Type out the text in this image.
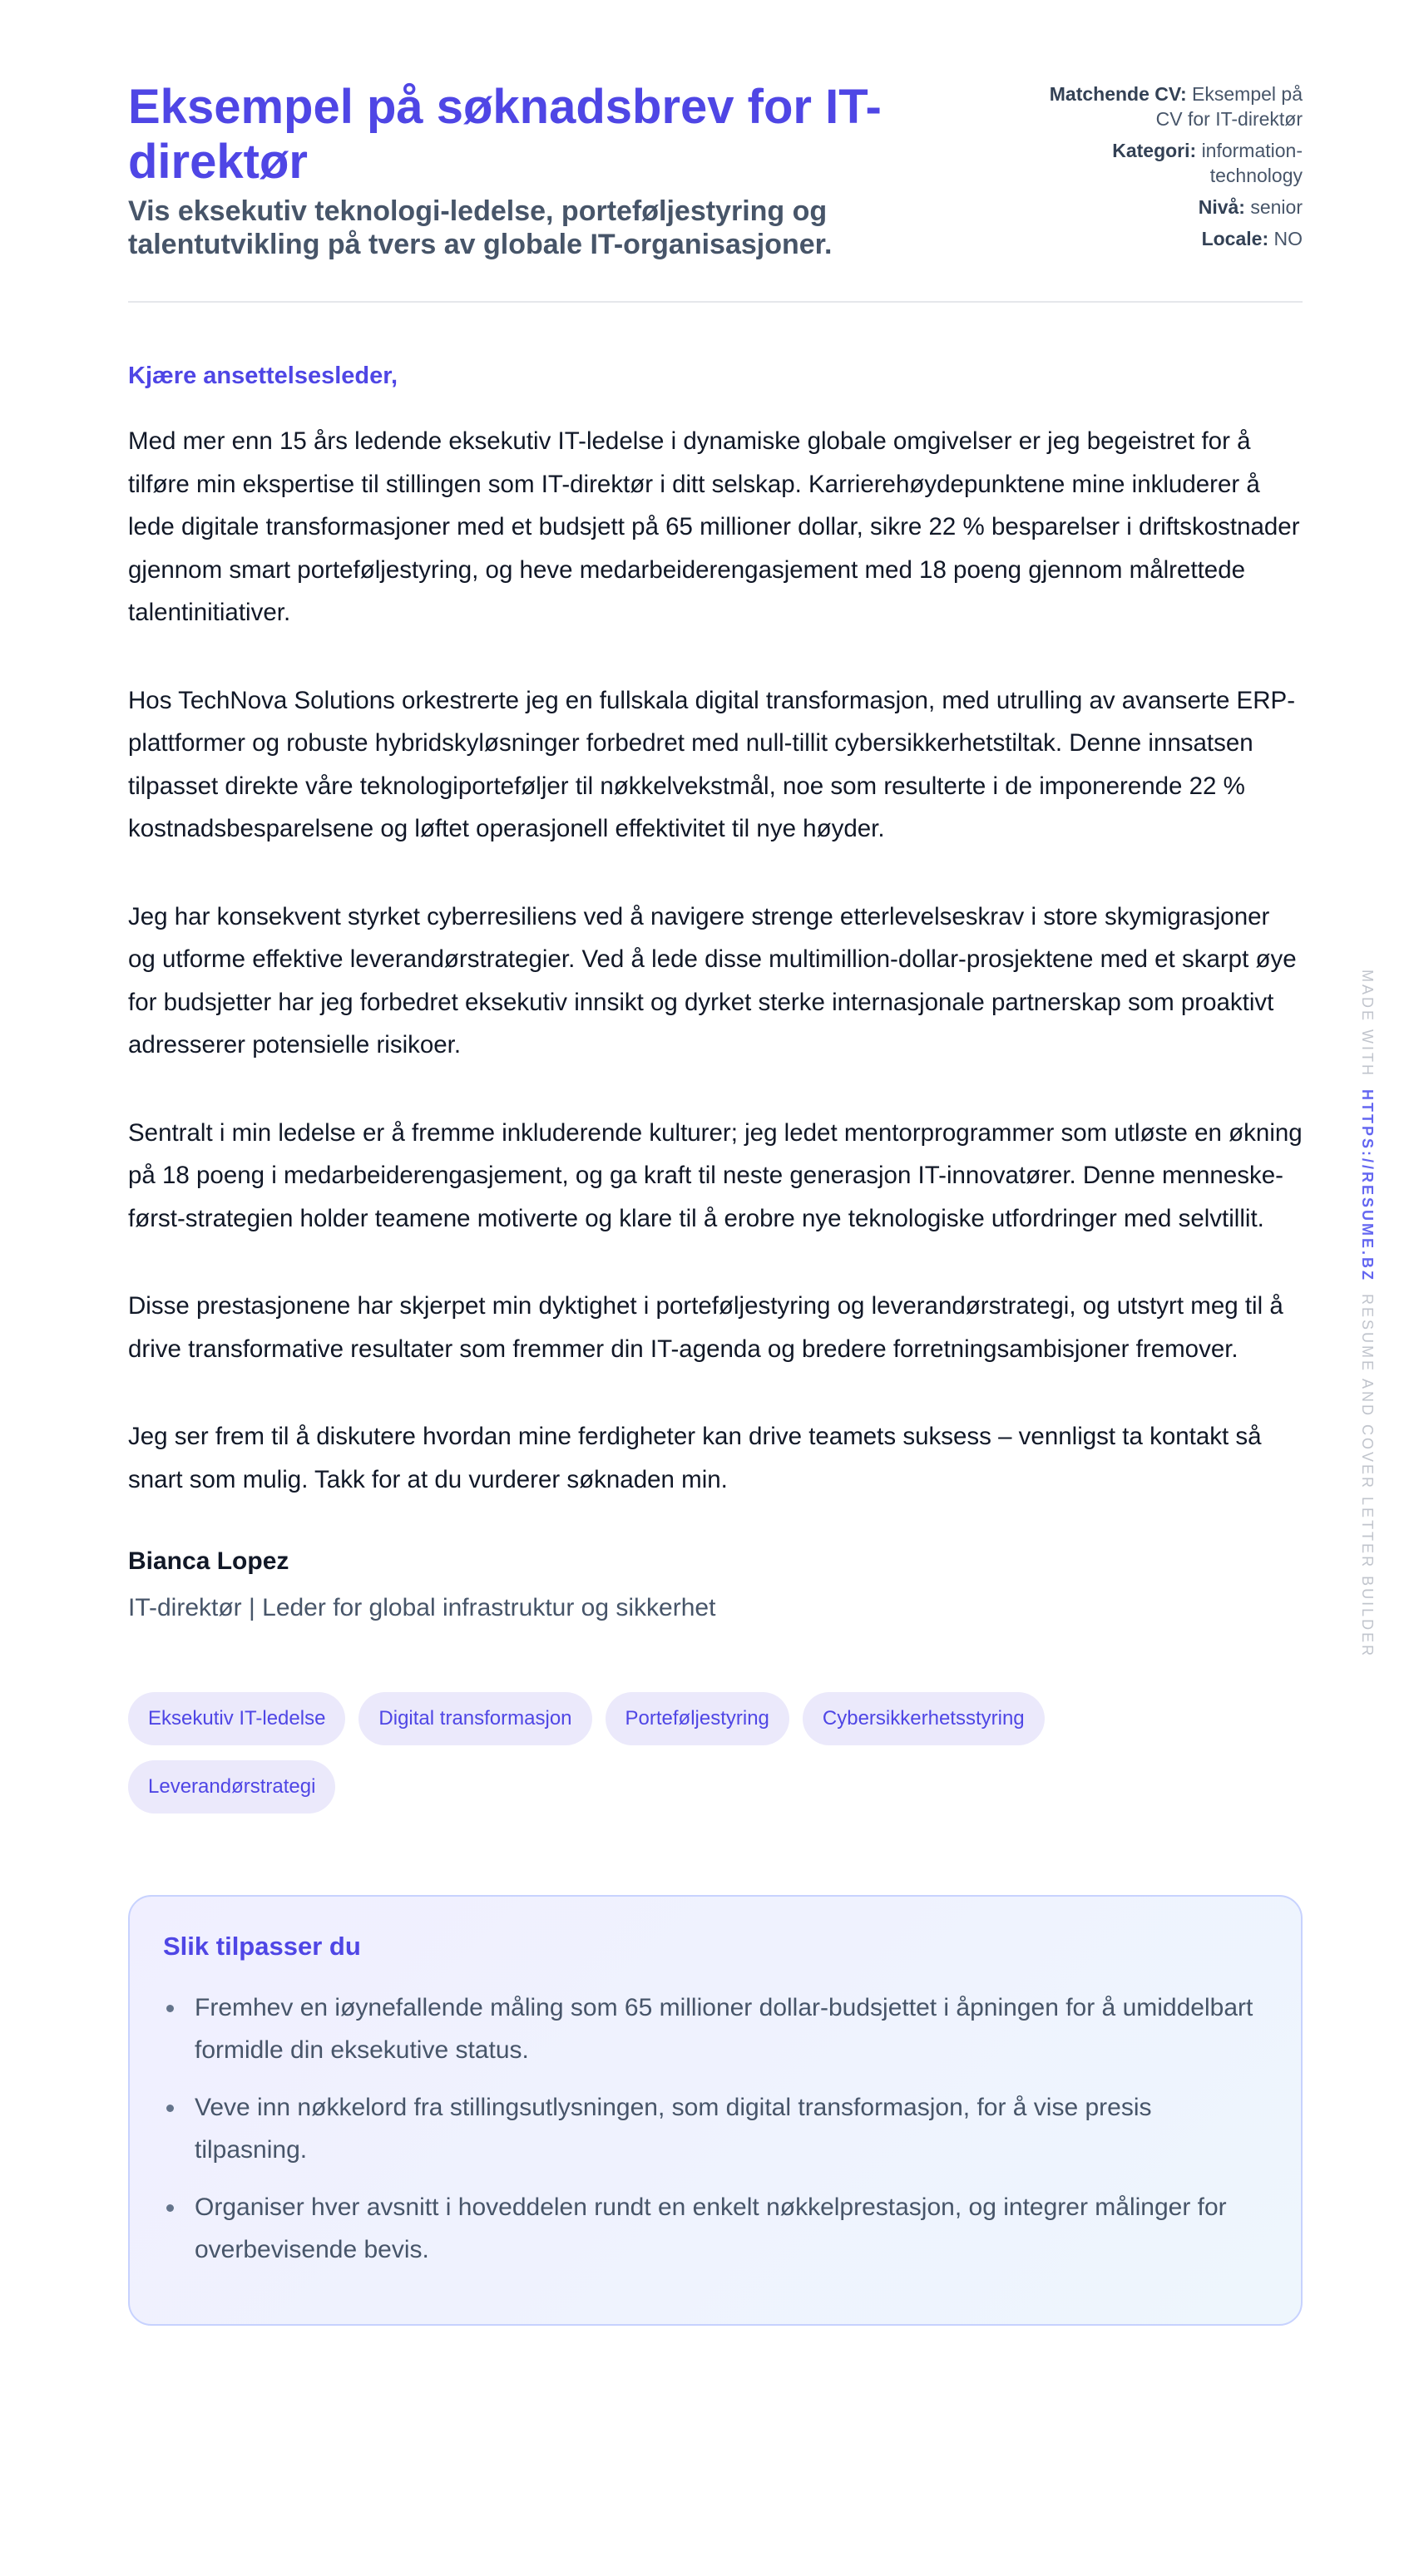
Eksempel på søknadsbrev for IT-direktør
Vis eksekutiv teknologi-ledelse, porteføljestyring og talentutvikling på tvers av globale IT-organisasjoner.
Matchende CV: Eksempel på CV for IT-direktør
Kategori: information-technology
Nivå: senior
Locale: NO
Kjære ansettelsesleder,

Med mer enn 15 års ledende eksekutiv IT-ledelse i dynamiske globale omgivelser er jeg begeistret for å tilføre min ekspertise til stillingen som IT-direktør i ditt selskap. Karrierehøydepunktene mine inkluderer å lede digitale transformasjoner med et budsjett på 65 millioner dollar, sikre 22 % besparelser i driftskostnader gjennom smart porteføljestyring, og heve medarbeiderengasjement med 18 poeng gjennom målrettede talentinitiativer.

Hos TechNova Solutions orkestrerte jeg en fullskala digital transformasjon, med utrulling av avanserte ERP-plattformer og robuste hybridskyløsninger forbedret med null-tillit cybersikkerhetstiltak. Denne innsatsen tilpasset direkte våre teknologiporteføljer til nøkkelvekstmål, noe som resulterte i de imponerende 22 % kostnadsbesparelsene og løftet operasjonell effektivitet til nye høyder.

Jeg har konsekvent styrket cyberresiliens ved å navigere strenge etterlevelseskrav i store skymigrasjoner og utforme effektive leverandørstrategier. Ved å lede disse multimillion-dollar-prosjektene med et skarpt øye for budsjetter har jeg forbedret eksekutiv innsikt og dyrket sterke internasjonale partnerskap som proaktivt adresserer potensielle risikoer.

Sentralt i min ledelse er å fremme inkluderende kulturer; jeg ledet mentorprogrammer som utløste en økning på 18 poeng i medarbeiderengasjement, og ga kraft til neste generasjon IT-innovatører. Denne menneske-først-strategien holder teamene motiverte og klare til å erobre nye teknologiske utfordringer med selvtillit.

Disse prestasjonene har skjerpet min dyktighet i porteføljestyring og leverandørstrategi, og utstyrt meg til å drive transformative resultater som fremmer din IT-agenda og bredere forretningsambisjoner fremover.

Jeg ser frem til å diskutere hvordan mine ferdigheter kan drive teamets suksess – vennligst ta kontakt så snart som mulig. Takk for at du vurderer søknaden min.

Bianca Lopez
IT-direktør | Leder for global infrastruktur og sikkerhet
Eksekutiv IT-ledelse	Digital transformasjon	Porteføljestyring	Cybersikkerhetsstyring
Leverandørstrategi
Slik tilpasser du
Fremhev en iøynefallende måling som 65 millioner dollar-budsjettet i åpningen for å umiddelbart formidle din eksekutive status.
Veve inn nøkkelord fra stillingsutlysningen, som digital transformasjon, for å vise presis tilpasning.
Organiser hver avsnitt i hoveddelen rundt en enkelt nøkkelprestasjon, og integrer målinger for overbevisende bevis.
MADE WITHHTTPS://RESUME.BZRESUME AND COVER LETTER BUILDER
